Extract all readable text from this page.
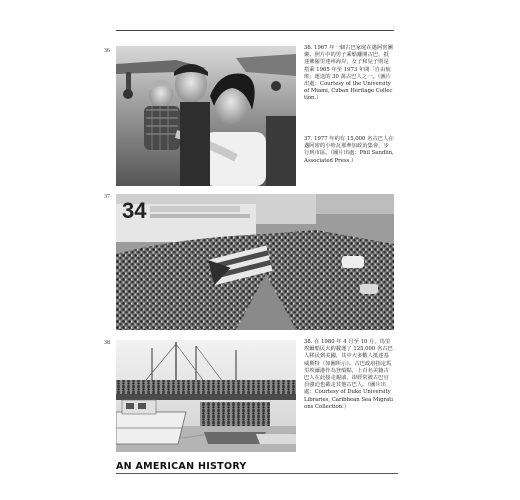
36	36. 1967 年一個古巴家庭在邁阿密團聚。照片中的男子乘船離開古巴，抵達佛羅里達州海岸，女子和兒子則是搭乘 1965 年至 1973 年間「自由航班」運送的 30 萬古巴人之一。（圖片出處：Courtesy of the University of Miami, Cuban Heritage Collection.）
37. 1977 年約有 15,000 名古巴人在邁阿密的小哈瓦那參加政治集會，步行到市區。（圖片出處：Phil Sandlin, Associated Press.）
37
34
38	38. 在 1980 年 4 月至 10 月，馬里埃爾船民大約載運了 125,000 名古巴人移民到美國，其中大多數人抵達基威斯特（如圖所示）。古巴政府指定馬里埃爾港作為登船點，上百名美籍古巴人在此接走親戚，卻經常被古巴官員強迫也載走其他古巴人。（圖片出處：Courtesy of Duke University Libraries, Caribbean Sea Migrations Collection.）
AN AMERICAN HISTORY
